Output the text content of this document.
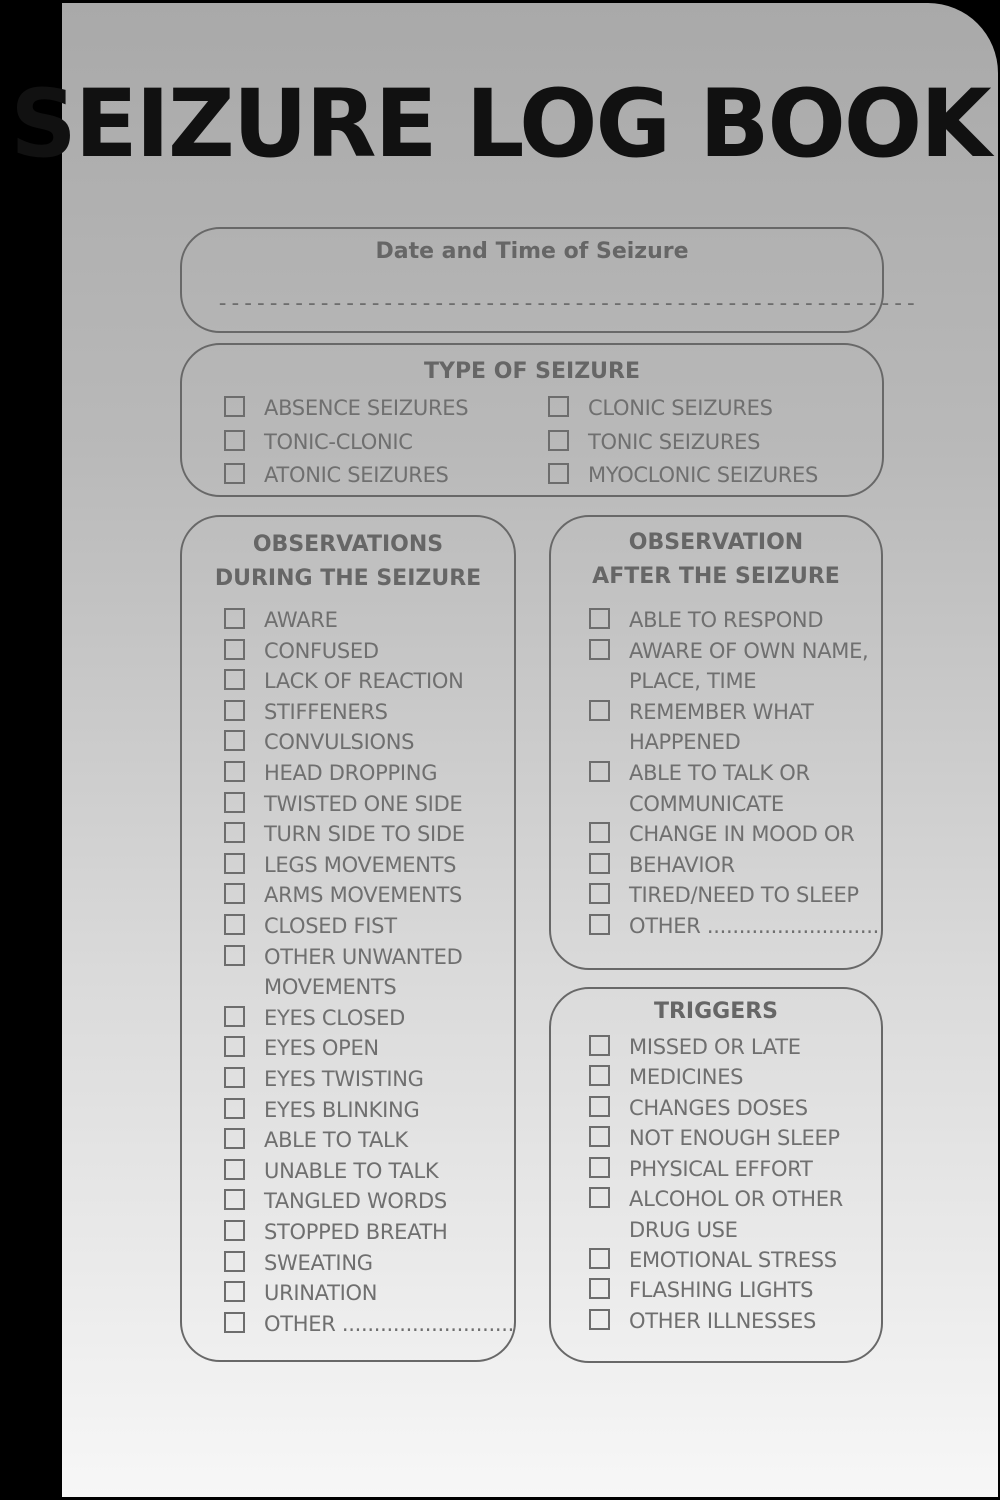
SEIZURE LOG BOOK
Date and Time of Seizure
-------------------------------------------------------
TYPE OF SEIZURE
ABSENCE SEIZURES
TONIC-CLONIC
ATONIC SEIZURES
CLONIC SEIZURES
TONIC SEIZURES
MYOCLONIC SEIZURES
OBSERVATIONS
DURING THE SEIZURE
AWARE
CONFUSED
LACK OF REACTION
STIFFENERS
CONVULSIONS
HEAD DROPPING
TWISTED ONE SIDE
TURN SIDE TO SIDE
LEGS MOVEMENTS
ARMS MOVEMENTS
CLOSED FIST
OTHER UNWANTED
MOVEMENTS
EYES CLOSED
EYES OPEN
EYES TWISTING
EYES BLINKING
ABLE TO TALK
UNABLE TO TALK
TANGLED WORDS
STOPPED BREATH
SWEATING
URINATION
OTHER ...........................
OBSERVATION
AFTER THE SEIZURE
ABLE TO RESPOND
AWARE OF OWN NAME,
PLACE, TIME
REMEMBER WHAT
HAPPENED
ABLE TO TALK OR
COMMUNICATE
CHANGE IN MOOD OR
BEHAVIOR
TIRED/NEED TO SLEEP
OTHER ...........................
TRIGGERS
MISSED OR LATE
MEDICINES
CHANGES DOSES
NOT ENOUGH SLEEP
PHYSICAL EFFORT
ALCOHOL OR OTHER
DRUG USE
EMOTIONAL STRESS
FLASHING LIGHTS
OTHER ILLNESSES
